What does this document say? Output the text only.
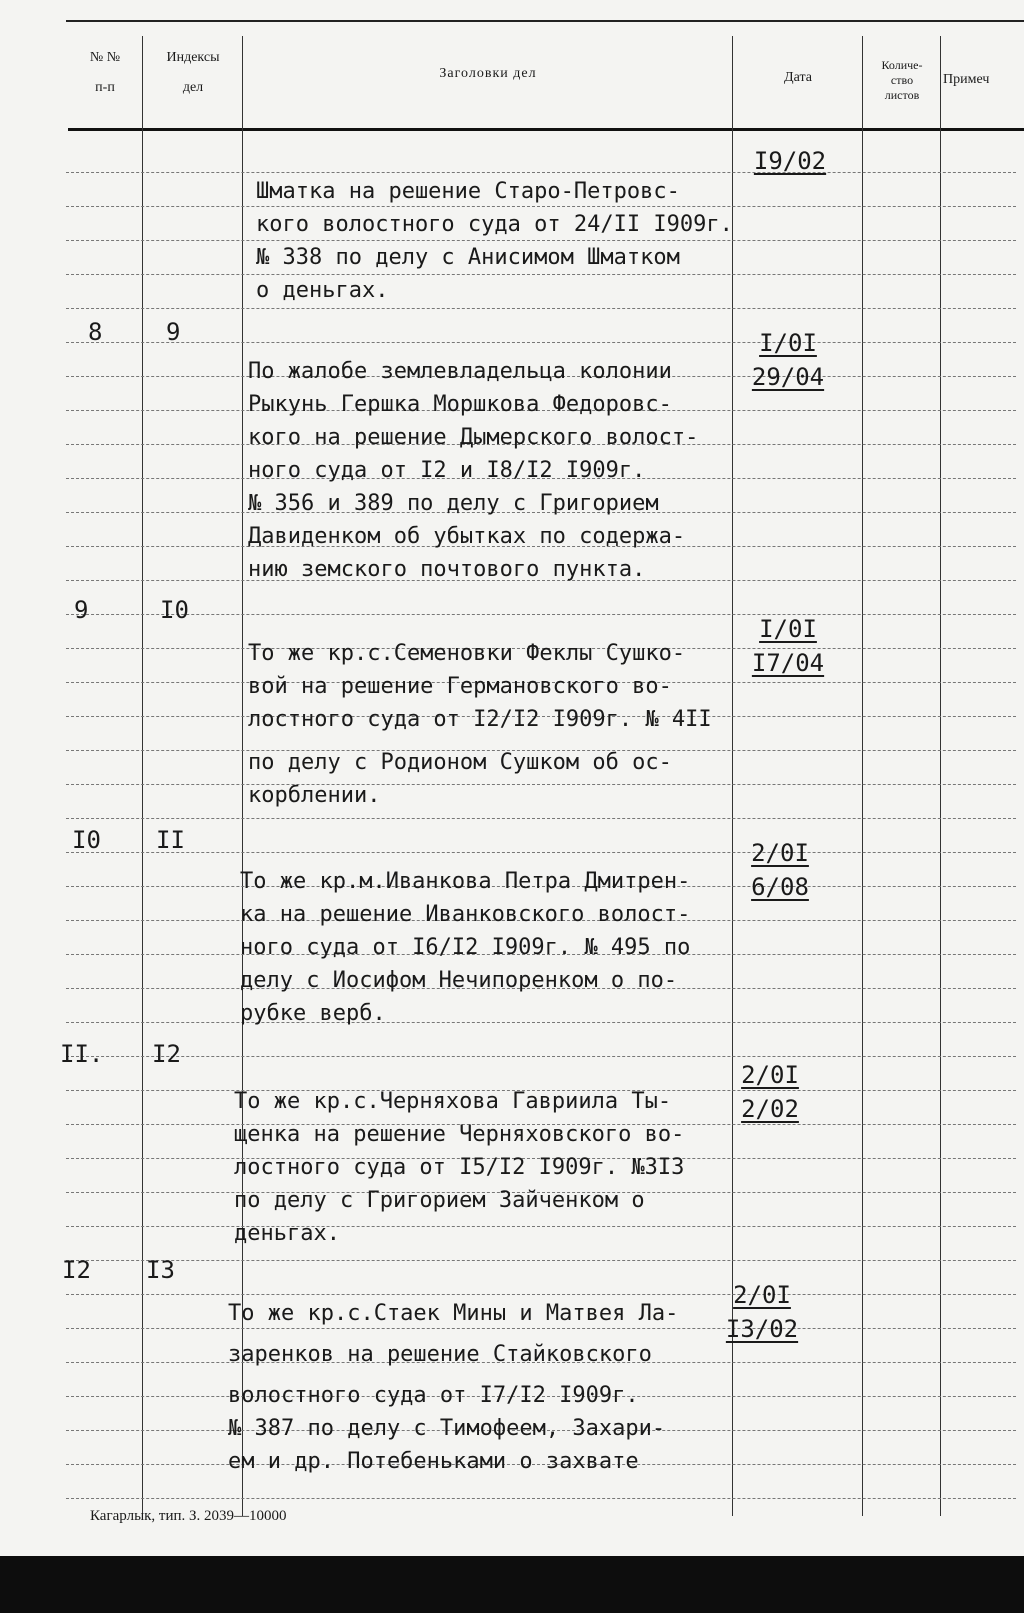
№ №
п-п
Индексы
дел
Заголовки дел	Дата
Количе-
ство
листов
Примеч
8

Шматка на решение Старо-Петровс-
кого волостного суда от 24/II I909г.
№ 338 по делу с Анисимом Шматком
о деньгах.

I9/02
9

По жалобе землевладельца колонии
Рыкунь Гершка Моршкова Федоровс-
кого на решение Дымерского волост-
ного суда от I2 и I8/I2 I909г.
№ 356 и 389 по делу с Григорием
Давиденком об убытках по содержа-
нию земского почтового пункта.

I/0I
29/04
9	I0

То же кр.с.Семеновки Феклы Сушко-
вой на решение Германовского во-
лостного суда от I2/I2 I909г. № 4II
по делу с Родионом Сушком об ос-
корблении.

I/0I
I7/04
I0 II

То же кр.м.Иванкова Петра Дмитрен-
ка на решение Иванковского волост-
ного суда от I6/I2 I909г. № 495 по
делу с Иосифом Нечипоренком о по-
рубке верб.

2/0I
6/08
II. I2

То же кр.с.Черняхова Гавриила Ты-
щенка на решение Черняховского во-
лостного суда от I5/I2 I909г. №3I3
по делу с Григорием Зайченком о
деньгах.

2/0I
2/02
I2 I3

То же кр.с.Стаек Мины и Матвея Ла-
заренков на решение Стайковского
волостного суда от I7/I2 I909г.
№ 387 по делу с Тимофеем, Захари-
ем и др. Потебеньками о захвате

2/0I
I3/02
Кагарлык, тип. З. 2039—10000
